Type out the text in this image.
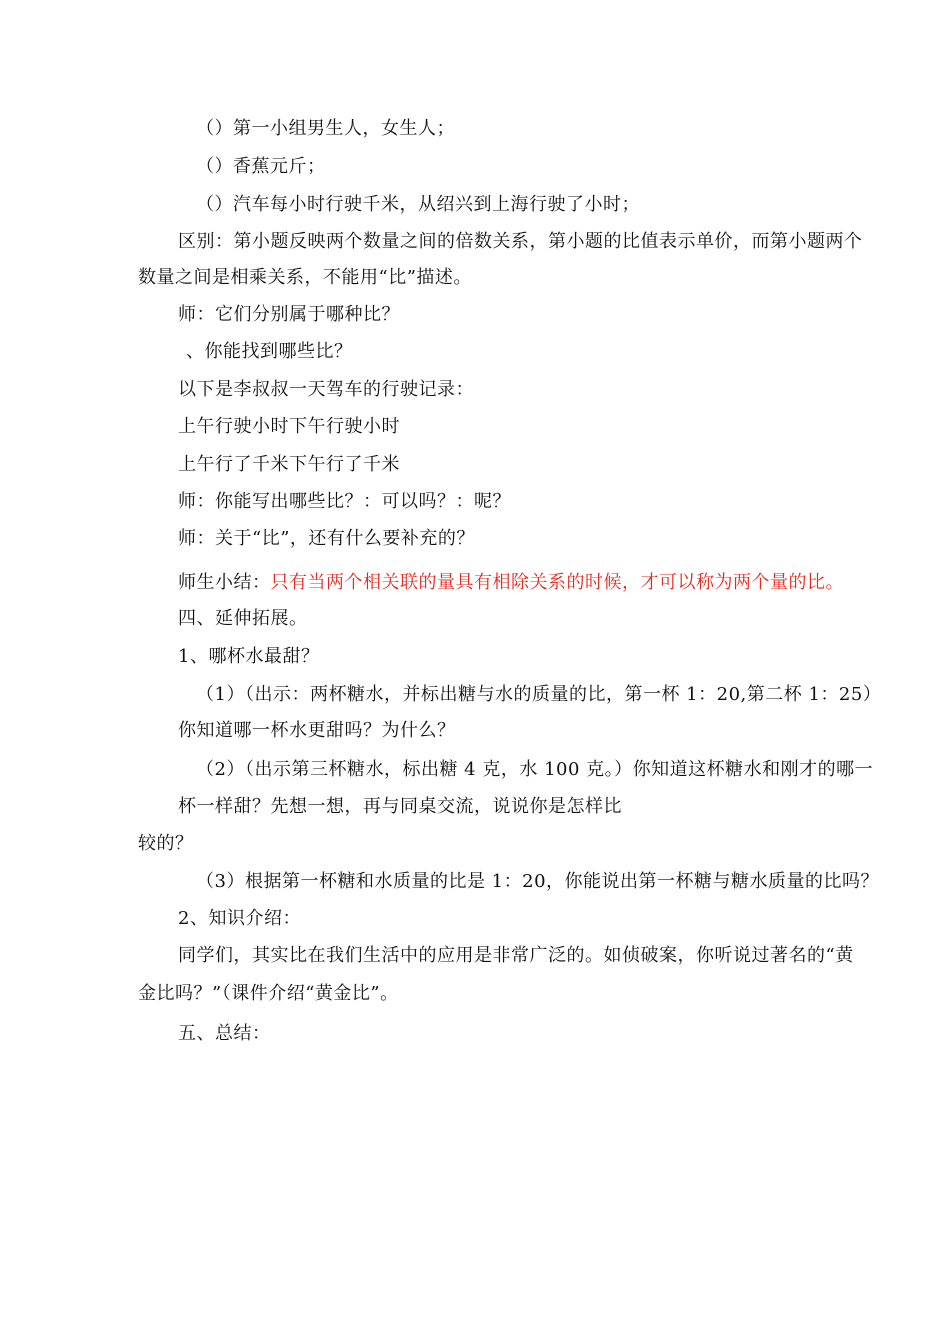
（）第一小组男生人，女生人；
（）香蕉元斤；
（）汽车每小时行驶千米，从绍兴到上海行驶了小时；
区别：第小题反映两个数量之间的倍数关系，第小题的比值表示单价，而第小题两个
数量之间是相乘关系，不能用“比”描述。
师：它们分别属于哪种比？
、你能找到哪些比？
以下是李叔叔一天驾车的行驶记录：
上午行驶小时下午行驶小时
上午行了千米下午行了千米
师：你能写出哪些比？：可以吗？：呢？
师：关于“比”，还有什么要补充的？
师生小结：只有当两个相关联的量具有相除关系的时候，才可以称为两个量的比。
四、延伸拓展。
1、哪杯水最甜？
（1）（出示：两杯糖水，并标出糖与水的质量的比，第一杯 1：20,第二杯 1：25）
你知道哪一杯水更甜吗？为什么？
（2）（出示第三杯糖水，标出糖 4 克，水 100 克。）你知道这杯糖水和刚才的哪一
杯一样甜？先想一想，再与同桌交流，说说你是怎样比
较的？
（3）根据第一杯糖和水质量的比是 1：20，你能说出第一杯糖与糖水质量的比吗？
2、知识介绍：
同学们，其实比在我们生活中的应用是非常广泛的。如侦破案，你听说过著名的“黄
金比吗？”（课件介绍“黄金比”。
五、总结：
